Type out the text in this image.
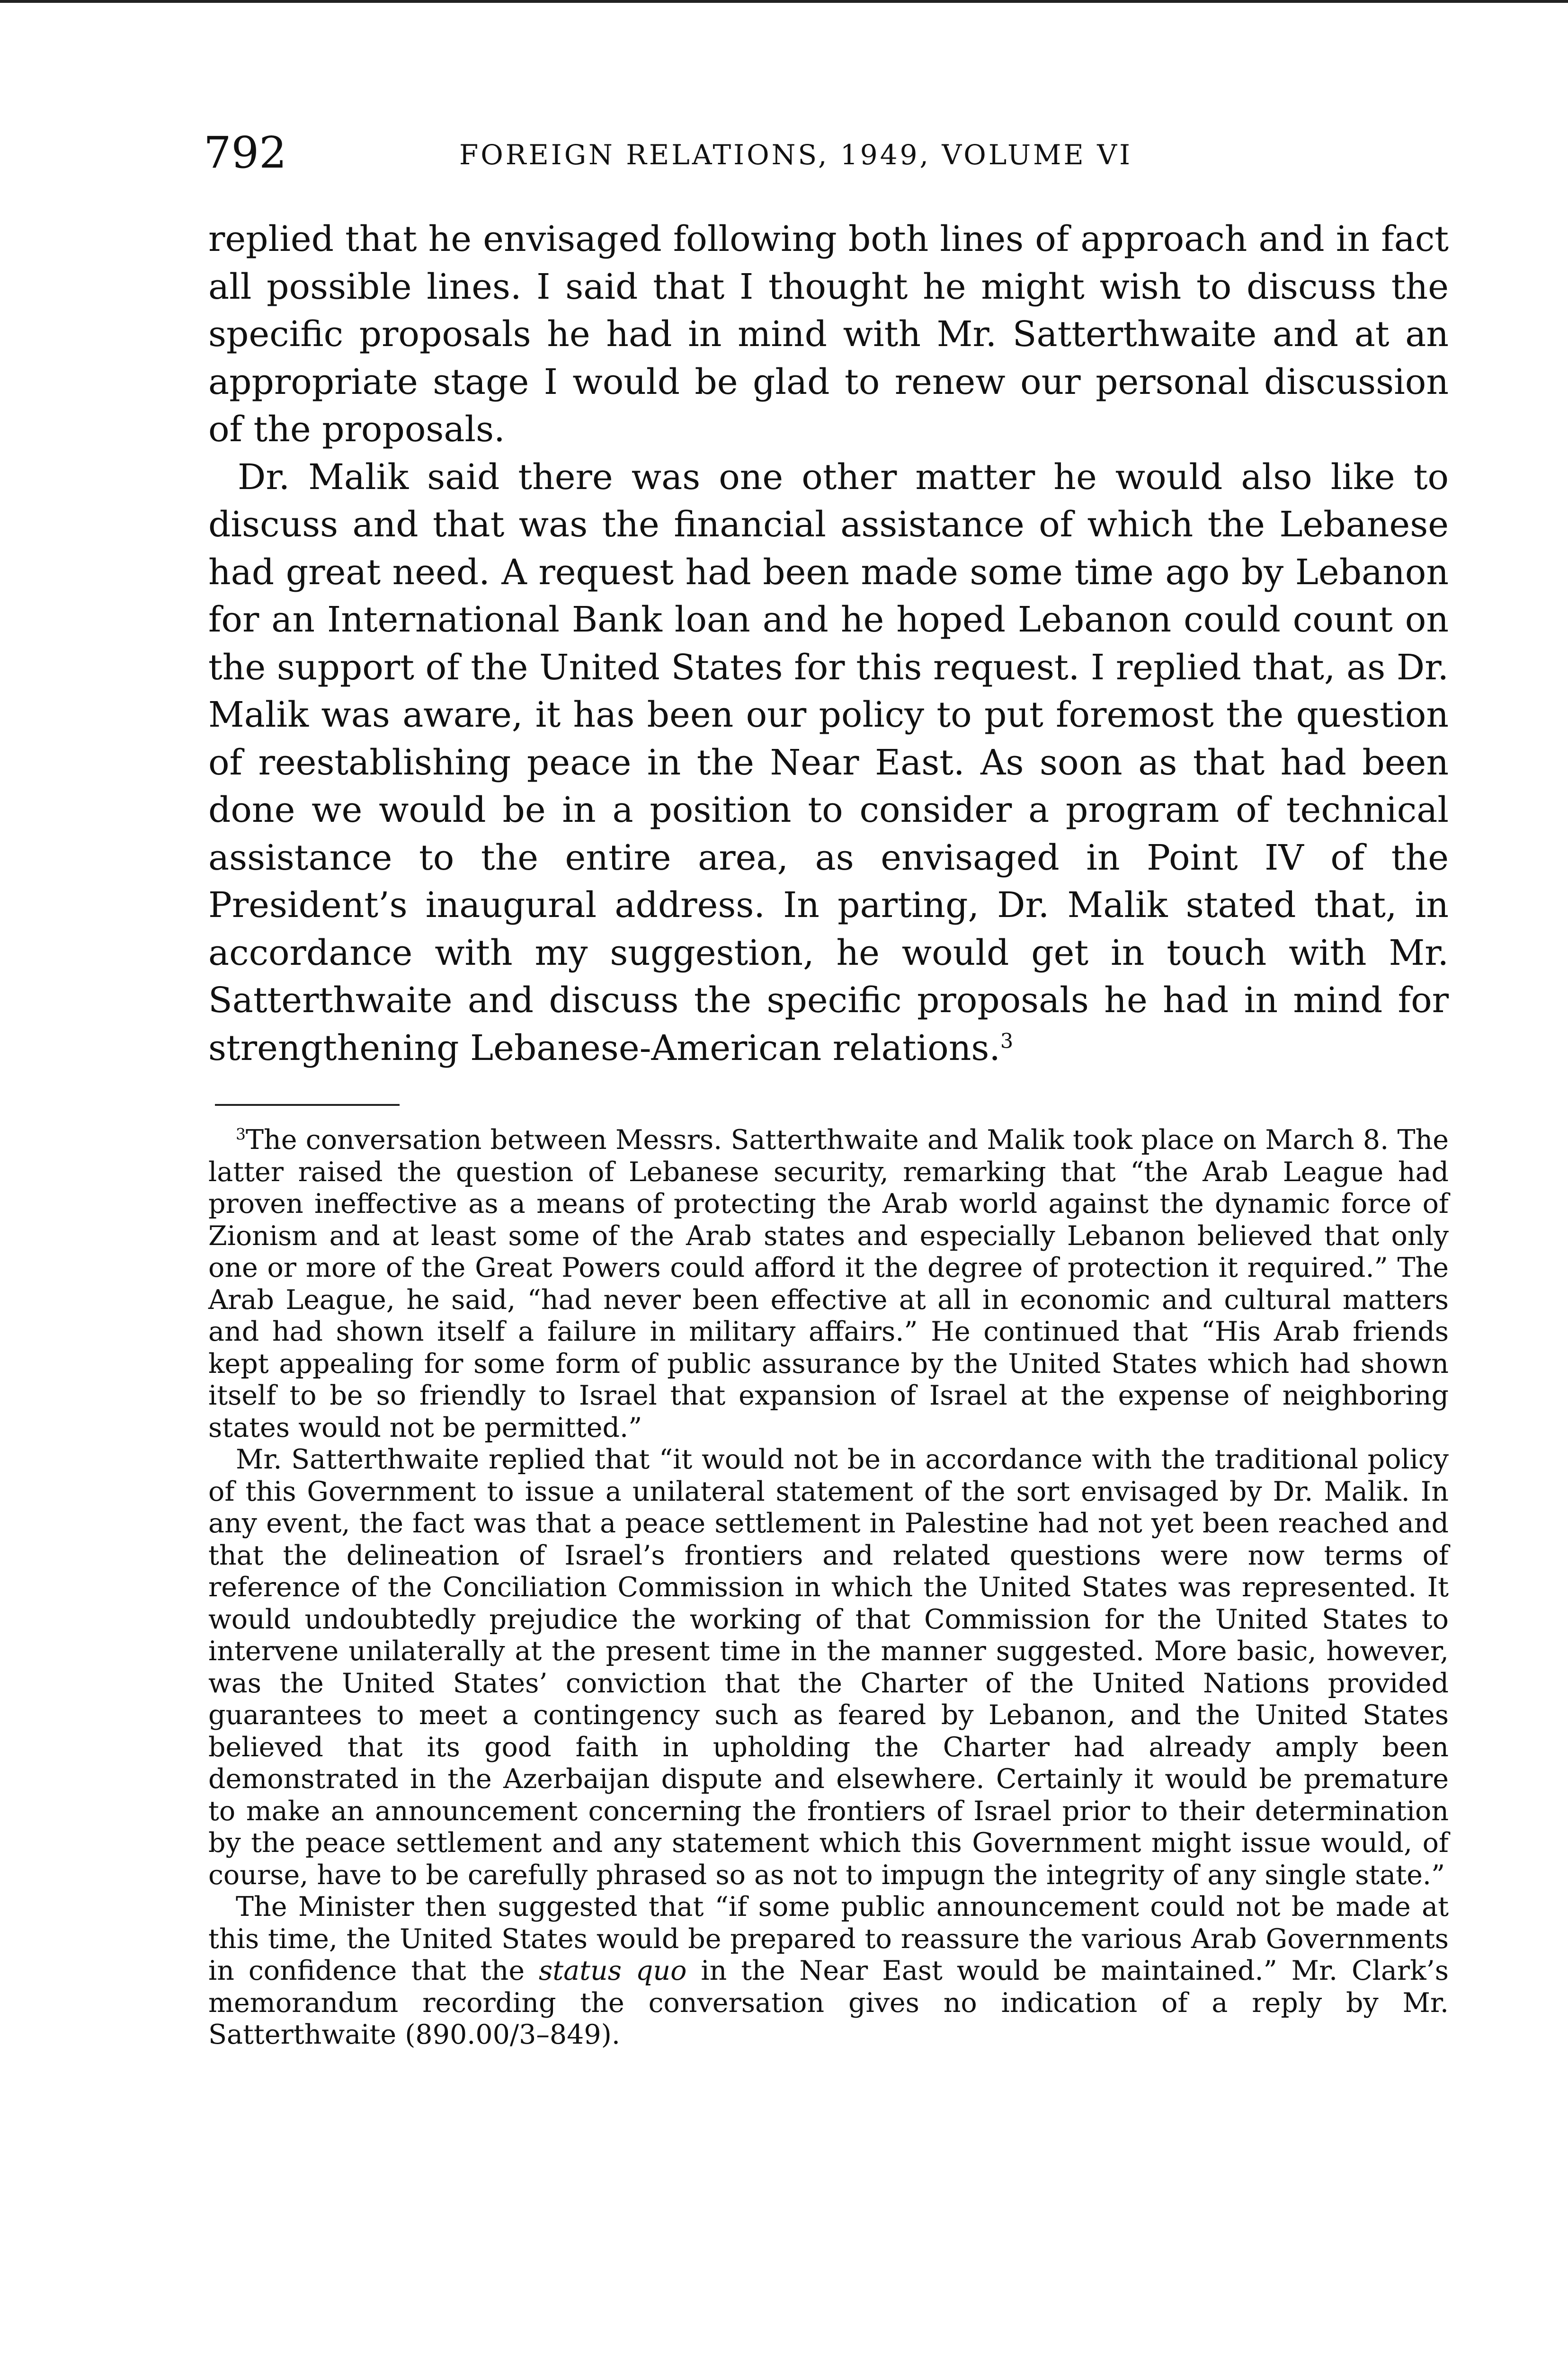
792	FOREIGN RELATIONS, 1949, VOLUME VI

replied that he envisaged following both lines of approach and in fact all possible lines. I said that I thought he might wish to discuss the specific proposals he had in mind with Mr. Satterthwaite and at an appropriate stage I would be glad to renew our personal discussion of the proposals.

Dr. Malik said there was one other matter he would also like to discuss and that was the financial assistance of which the Lebanese had great need. A request had been made some time ago by Lebanon for an International Bank loan and he hoped Lebanon could count on the support of the United States for this request. I replied that, as Dr. Malik was aware, it has been our policy to put foremost the question of reestablishing peace in the Near East. As soon as that had been done we would be in a position to consider a program of technical assistance to the entire area, as envisaged in Point IV of the President’s inaugural address. In parting, Dr. Malik stated that, in accordance with my suggestion, he would get in touch with Mr. Satterthwaite and discuss the specific proposals he had in mind for strengthening Lebanese-American relations.$^3$

$^3$The conversation between Messrs. Satterthwaite and Malik took place on March 8. The latter raised the question of Lebanese security, remarking that “the Arab League had proven ineffective as a means of protecting the Arab world against the dynamic force of Zionism and at least some of the Arab states and especially Lebanon believed that only one or more of the Great Powers could afford it the degree of protection it required.” The Arab League, he said, “had never been effective at all in economic and cultural matters and had shown itself a failure in military affairs.” He continued that “His Arab friends kept appealing for some form of public assurance by the United States which had shown itself to be so friendly to Israel that expansion of Israel at the expense of neighboring states would not be permitted.”

Mr. Satterthwaite replied that “it would not be in accordance with the traditional policy of this Government to issue a unilateral statement of the sort envisaged by Dr. Malik. In any event, the fact was that a peace settlement in Palestine had not yet been reached and that the delineation of Israel’s frontiers and related questions were now terms of reference of the Conciliation Commission in which the United States was represented. It would undoubtedly prejudice the working of that Commission for the United States to intervene unilaterally at the present time in the manner suggested. More basic, however, was the United States’ conviction that the Charter of the United Nations provided guarantees to meet a contingency such as feared by Lebanon, and the United States believed that its good faith in upholding the Charter had already amply been demonstrated in the Azerbaijan dispute and elsewhere. Certainly it would be premature to make an announcement concerning the frontiers of Israel prior to their determination by the peace settlement and any statement which this Government might issue would, of course, have to be carefully phrased so as not to impugn the integrity of any single state.”

The Minister then suggested that “if some public announcement could not be made at this time, the United States would be prepared to reassure the various Arab Governments in confidence that the status quo in the Near East would be maintained.” Mr. Clark’s memorandum recording the conversation gives no indication of a reply by Mr. Satterthwaite (890.00/3–849).
